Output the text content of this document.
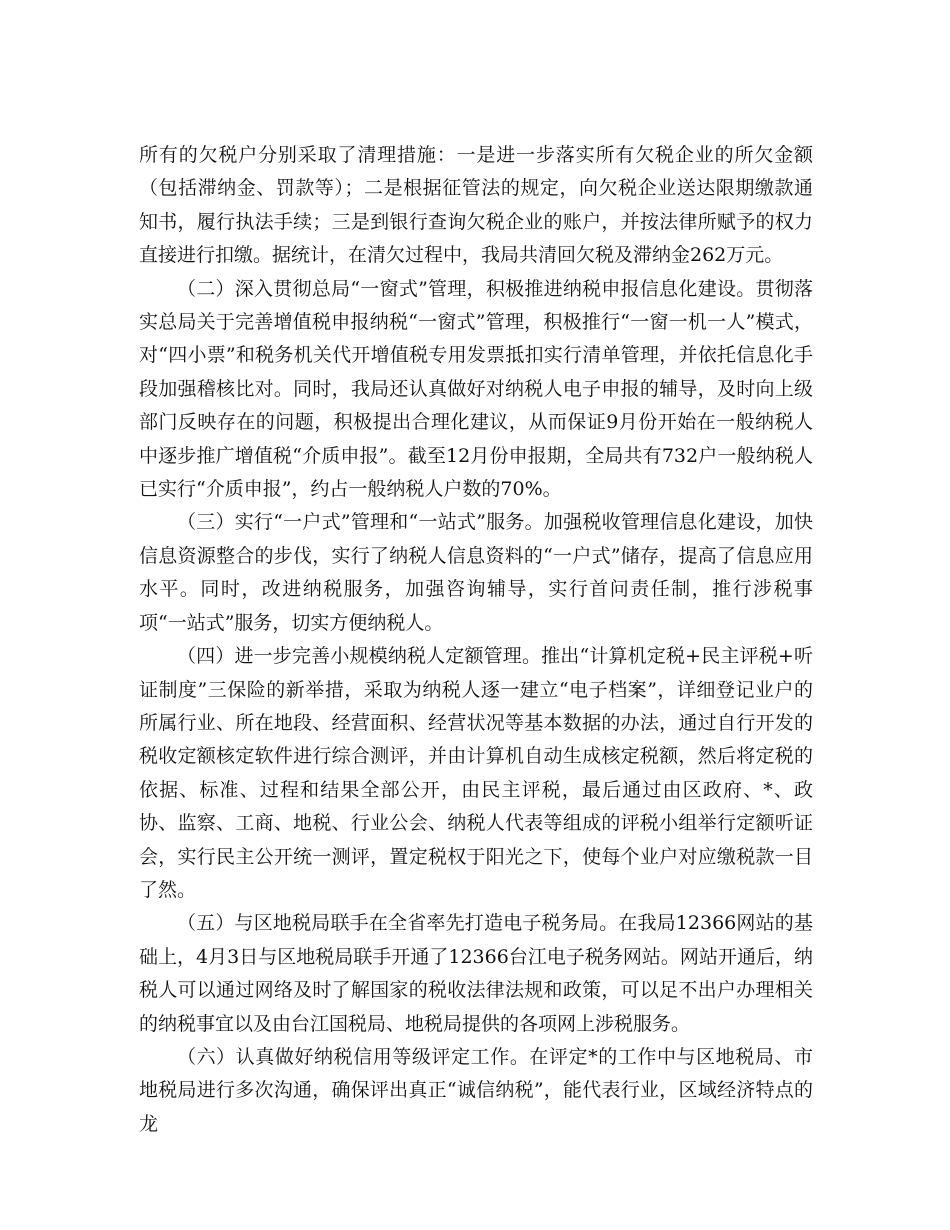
所有的欠税户分别采取了清理措施：一是进一步落实所有欠税企业的所欠金额（包括滞纳金、罚款等）；二是根据征管法的规定，向欠税企业送达限期缴款通知书，履行执法手续；三是到银行查询欠税企业的账户，并按法律所赋予的权力直接进行扣缴。据统计，在清欠过程中，我局共清回欠税及滞纳金262万元。

（二）深入贯彻总局“一窗式”管理，积极推进纳税申报信息化建设。贯彻落实总局关于完善增值税申报纳税“一窗式”管理，积极推行“一窗一机一人”模式，对“四小票”和税务机关代开增值税专用发票抵扣实行清单管理，并依托信息化手段加强稽核比对。同时，我局还认真做好对纳税人电子申报的辅导，及时向上级部门反映存在的问题，积极提出合理化建议，从而保证9月份开始在一般纳税人中逐步推广增值税“介质申报”。截至12月份申报期，全局共有732户一般纳税人已实行“介质申报”，约占一般纳税人户数的70%。

（三）实行“一户式”管理和“一站式”服务。加强税收管理信息化建设，加快信息资源整合的步伐，实行了纳税人信息资料的“一户式”储存，提高了信息应用水平。同时，改进纳税服务，加强咨询辅导，实行首问责任制，推行涉税事项“一站式”服务，切实方便纳税人。

（四）进一步完善小规模纳税人定额管理。推出“计算机定税+民主评税+听证制度”三保险的新举措，采取为纳税人逐一建立“电子档案”，详细登记业户的所属行业、所在地段、经营面积、经营状况等基本数据的办法，通过自行开发的税收定额核定软件进行综合测评，并由计算机自动生成核定税额，然后将定税的依据、标准、过程和结果全部公开，由民主评税，最后通过由区政府、*、政协、监察、工商、地税、行业公会、纳税人代表等组成的评税小组举行定额听证会，实行民主公开统一测评，置定税权于阳光之下，使每个业户对应缴税款一目了然。

（五）与区地税局联手在全省率先打造电子税务局。在我局12366网站的基础上，4月3日与区地税局联手开通了12366台江电子税务网站。网站开通后，纳税人可以通过网络及时了解国家的税收法律法规和政策，可以足不出户办理相关的纳税事宜以及由台江国税局、地税局提供的各项网上涉税服务。

（六）认真做好纳税信用等级评定工作。在评定*的工作中与区地税局、市地税局进行多次沟通，确保评出真正“诚信纳税”，能代表行业，区域经济特点的龙
